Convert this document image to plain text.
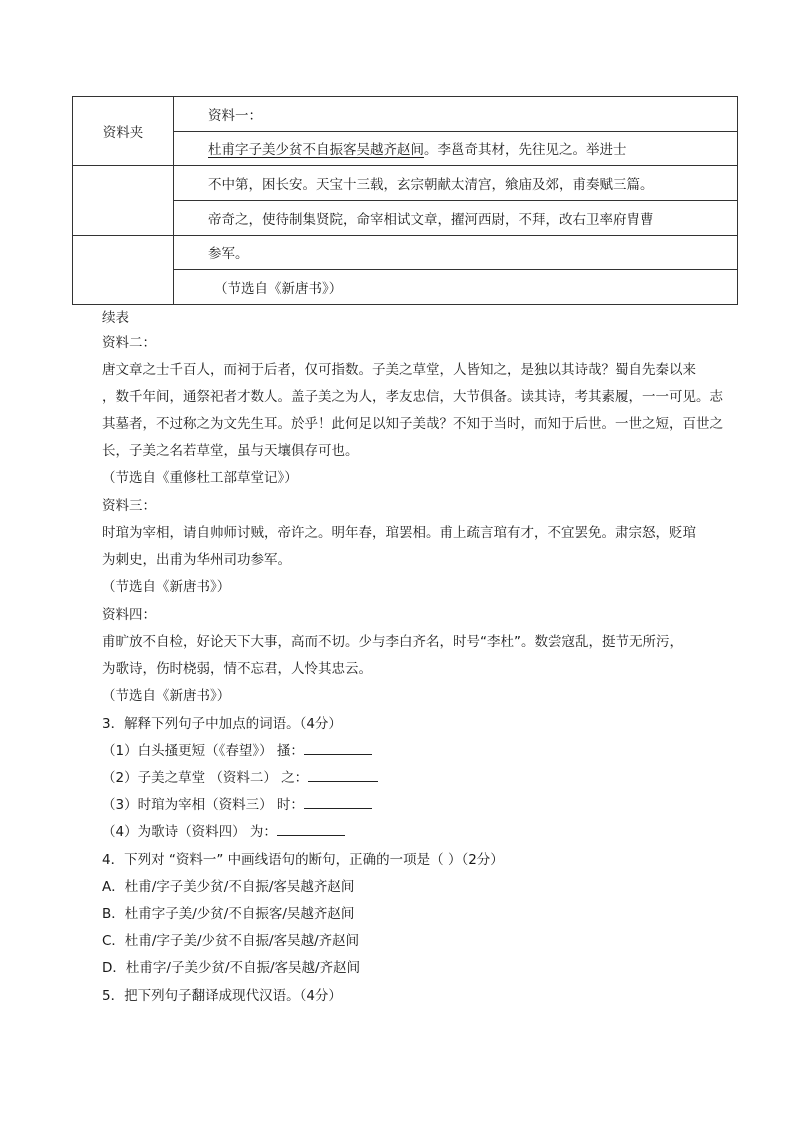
资料夹	资料一：
	杜甫字子美少贫不自振客吴越齐赵间。李邕奇其材，先往见之。举进士
	不中第，困长安。天宝十三载，玄宗朝献太清宫，飨庙及郊，甫奏赋三篇。
	帝奇之，使待制集贤院，命宰相试文章，擢河西尉，不拜，改右卫率府胄曹
	参军。
	（节选自《新唐书》）
续表
资料二：
唐文章之士千百人，而祠于后者，仅可指数。子美之草堂，人皆知之，是独以其诗哉？蜀自先秦以来
，数千年间，通祭祀者才数人。盖子美之为人，孝友忠信，大节俱备。读其诗，考其素履，一一可见。志
其墓者，不过称之为文先生耳。於乎！此何足以知子美哉？不知于当时，而知于后世。一世之短，百世之
长，子美之名若草堂，虽与天壤俱存可也。
（节选自《重修杜工部草堂记》）
资料三：
时琯为宰相，请自帅师讨贼，帝许之。明年春，琯罢相。甫上疏言琯有才，不宜罢免。肃宗怒，贬琯
为刺史，出甫为华州司功参军。
（节选自《新唐书》）
资料四：
甫旷放不自检，好论天下大事，高而不切。少与李白齐名，时号“李杜”。数尝寇乱，挺节无所污，
为歌诗，伤时桡弱，情不忘君，人怜其忠云。
（节选自《新唐书》）
3．解释下列句子中加点的词语。（4分）
（1）白头搔更短（《春望》） 搔：
（2）子美之草堂 （资料二） 之：
（3）时琯为宰相（资料三） 时：
（4）为歌诗（资料四） 为：
4．下列对 “资料一” 中画线语句的断句，正确的一项是（ ）（2分）
A．杜甫/字子美少贫/不自振/客吴越齐赵间
B．杜甫字子美/少贫/不自振客/吴越齐赵间
C．杜甫/字子美/少贫不自振/客吴越/齐赵间
D．杜甫字/子美少贫/不自振/客吴越/齐赵间
5．把下列句子翻译成现代汉语。（4分）
